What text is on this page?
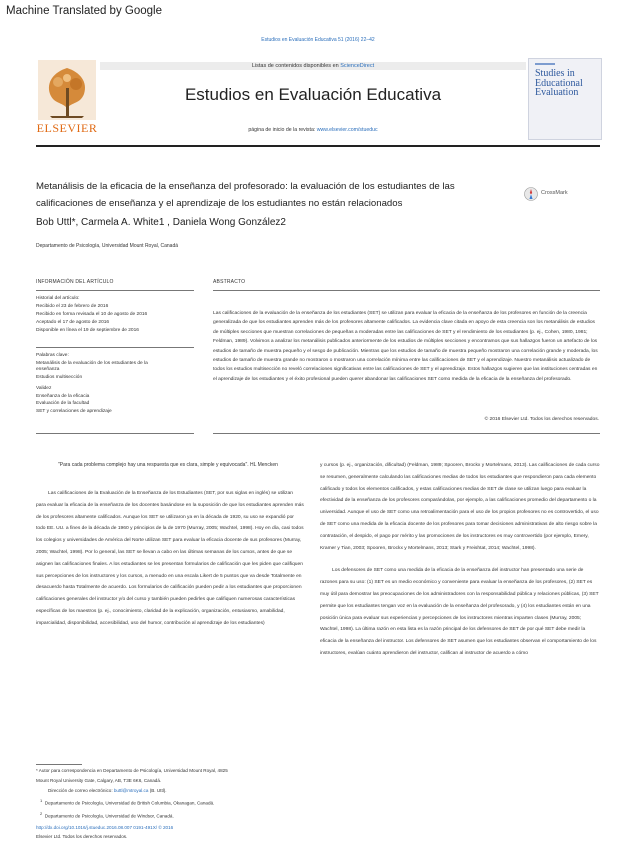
Machine Translated by Google
Estudios en Evaluación Educativa 51 (2016) 22–42
ELSEVIER
Listas de contenidos disponibles en ScienceDirect
Estudios en Evaluación Educativa
página de inicio de la revista: www.elsevier.com/stueduc
Studies in Educational Evaluation
Metanálisis de la eficacia de la enseñanza del profesorado: la evaluación de los estudiantes de las calificaciones de enseñanza y el aprendizaje de los estudiantes no están relacionados
CrossMark
Bob Uttl*, Carmela A. White1 , Daniela Wong González2
Departamento de Psicología, Universidad Mount Royal, Canadá
INFORMACIÓN DEL ARTÍCULO
Historial del artículo:
Recibido el 23 de febrero de 2016
Recibido en forma revisada el 10 de agosto de 2016
Aceptado el 17 de agosto de 2016
Disponible en línea el 19 de septiembre de 2016
Palabras clave:
Metanálisis de la evaluación de los estudiantes de la enseñanza
Estudios multisección
Validez
Enseñanza de la eficacia
Evaluación de la facultad
SET y correlaciones de aprendizaje
ABSTRACTO
Las calificaciones de la evaluación de la enseñanza de los estudiantes (SET) se utilizan para evaluar la eficacia de la enseñanza de los profesores en función de la creencia generalizada de que los estudiantes aprenden más de los profesores altamente calificados. La evidencia clave citada en apoyo de esta creencia son los metanálisis de estudios de múltiples secciones que muestran correlaciones de pequeñas a moderadas entre las calificaciones de SET y el rendimiento de los estudiantes (p. ej., Cohen, 1980, 1981; Feldman, 1989). Volvimos a analizar los metanálisis publicados anteriormente de los estudios de múltiples secciones y encontramos que sus hallazgos fueron un artefacto de los estudios de tamaño de muestra pequeño y el sesgo de publicación. Mientras que los estudios de tamaño de muestra pequeño mostraron una correlación grande y moderada, los estudios de tamaño de muestra grande no mostraron o mostraron una correlación mínima entre las calificaciones de SET y el aprendizaje. Nuestro metanálisis actualizado de todos los estudios multisección no reveló correlaciones significativas entre las calificaciones de SET y el aprendizaje. Estos hallazgos sugieren que las instituciones centradas en el aprendizaje de los estudiantes y el éxito profesional pueden querer abandonar las calificaciones SET como medida de la eficacia de la enseñanza del profesorado.
© 2016 Elsevier Ltd. Todos los derechos reservados.
"Para cada problema complejo hay una respuesta que es clara, simple y equivocada". HL Mencken

Las calificaciones de la Evaluación de la Enseñanza de los Estudiantes (SET, por sus siglas en inglés) se utilizan para evaluar la eficacia de la enseñanza de los docentes basándose en la suposición de que los estudiantes aprenden más de los profesores altamente calificados. Aunque los SET se utilizaron ya en la década de 1920, su uso se expandió por todo EE. UU. a fines de la década de 1960 y principios de la de 1970 (Murray, 2005; Wachtel, 1998). Hoy en día, casi todos los colegios y universidades de América del Norte utilizan SET para evaluar la eficacia docente de sus profesores (Murray, 2005; Wachtel, 1998). Por lo general, las SET se llevan a cabo en las últimas semanas de los cursos, antes de que se asignen las calificaciones finales. A los estudiantes se les presentan formularios de calificación que les piden que califiquen sus percepciones de los instructores y los cursos, a menudo en una escala Likert de 5 puntos que va desde Totalmente en desacuerdo hasta Totalmente de acuerdo. Los formularios de calificación pueden pedir a los estudiantes que proporcionen calificaciones generales del instructor y/o del curso y también pueden pedirles que califiquen numerosas características específicas de los maestros (p. ej., conocimiento, claridad de la explicación, organización, entusiasmo, amabilidad, imparcialidad, disponibilidad, accesibilidad, uso del humor, contribución al aprendizaje de los estudiantes)

y cursos (p. ej., organización, dificultad) (Feldman, 1989; Spooren, Brockx y Mortelmans, 2013). Las calificaciones de cada curso se resumen, generalmente calculando las calificaciones medias de todos los estudiantes que respondieron para cada elemento calificado y todos los elementos calificados, y estas calificaciones medias de SET de clase se utilizan luego para evaluar la efectividad de la enseñanza de los profesores comparándolas, por ejemplo, a las calificaciones promedio del departamento o la universidad. Aunque el uso de SET como una retroalimentación para el uso de los propios profesores no es controvertido, el uso de SET como una medida de la eficacia docente de los profesores para tomar decisiones administrativas de alto riesgo sobre la contratación, el despido, el pago por mérito y las promociones de los instructores es muy controvertido (por ejemplo, Emery, Kramer y Tian, 2003; Spooren, Brockx y Mortelmans, 2013; Stark y Freishtat, 2014; Wachtel, 1998).

Los defensores de SET como una medida de la eficacia de la enseñanza del instructor han presentado una serie de razones para su uso: (1) SET es un medio económico y conveniente para evaluar la enseñanza de los profesores, (2) SET es muy útil para demostrar las preocupaciones de los administradores con la responsabilidad pública y relaciones públicas, (3) SET permite que los estudiantes tengan voz en la evaluación de la enseñanza del profesorado, y (4) los estudiantes están en una posición única para evaluar sus experiencias y percepciones de los instructores mientras imparten clases (Murray, 2005; Wachtel, 1998). La última razón en esta lista es la razón principal de los defensores de SET de por qué SET debe medir la eficacia de la enseñanza del instructor. Los defensores de SET asumen que los estudiantes observan el comportamiento de los instructores, evalúan cuánto aprendieron del instructor, califican al instructor de acuerdo a cómo

* Autor para correspondencia en Departamento de Psicología, Universidad Mount Royal, 4825 Mount Royal University Gate, Calgary, AB, T3E 6K6, Canadá.
Dirección de correo electrónico: buttl@mtroyal.ca (B. Uttl).
$^1$  Departamento de Psicología, Universidad de British Columbia, Okanagan, Canadá.
$^2$  Departamento de Psicología, Universidad de Windsor, Canadá.
http://dx.doi.org/10.1016/j.stueduc.2016.08.007 0191-491X/ © 2016
Elsevier Ltd. Todos los derechos reservados.
